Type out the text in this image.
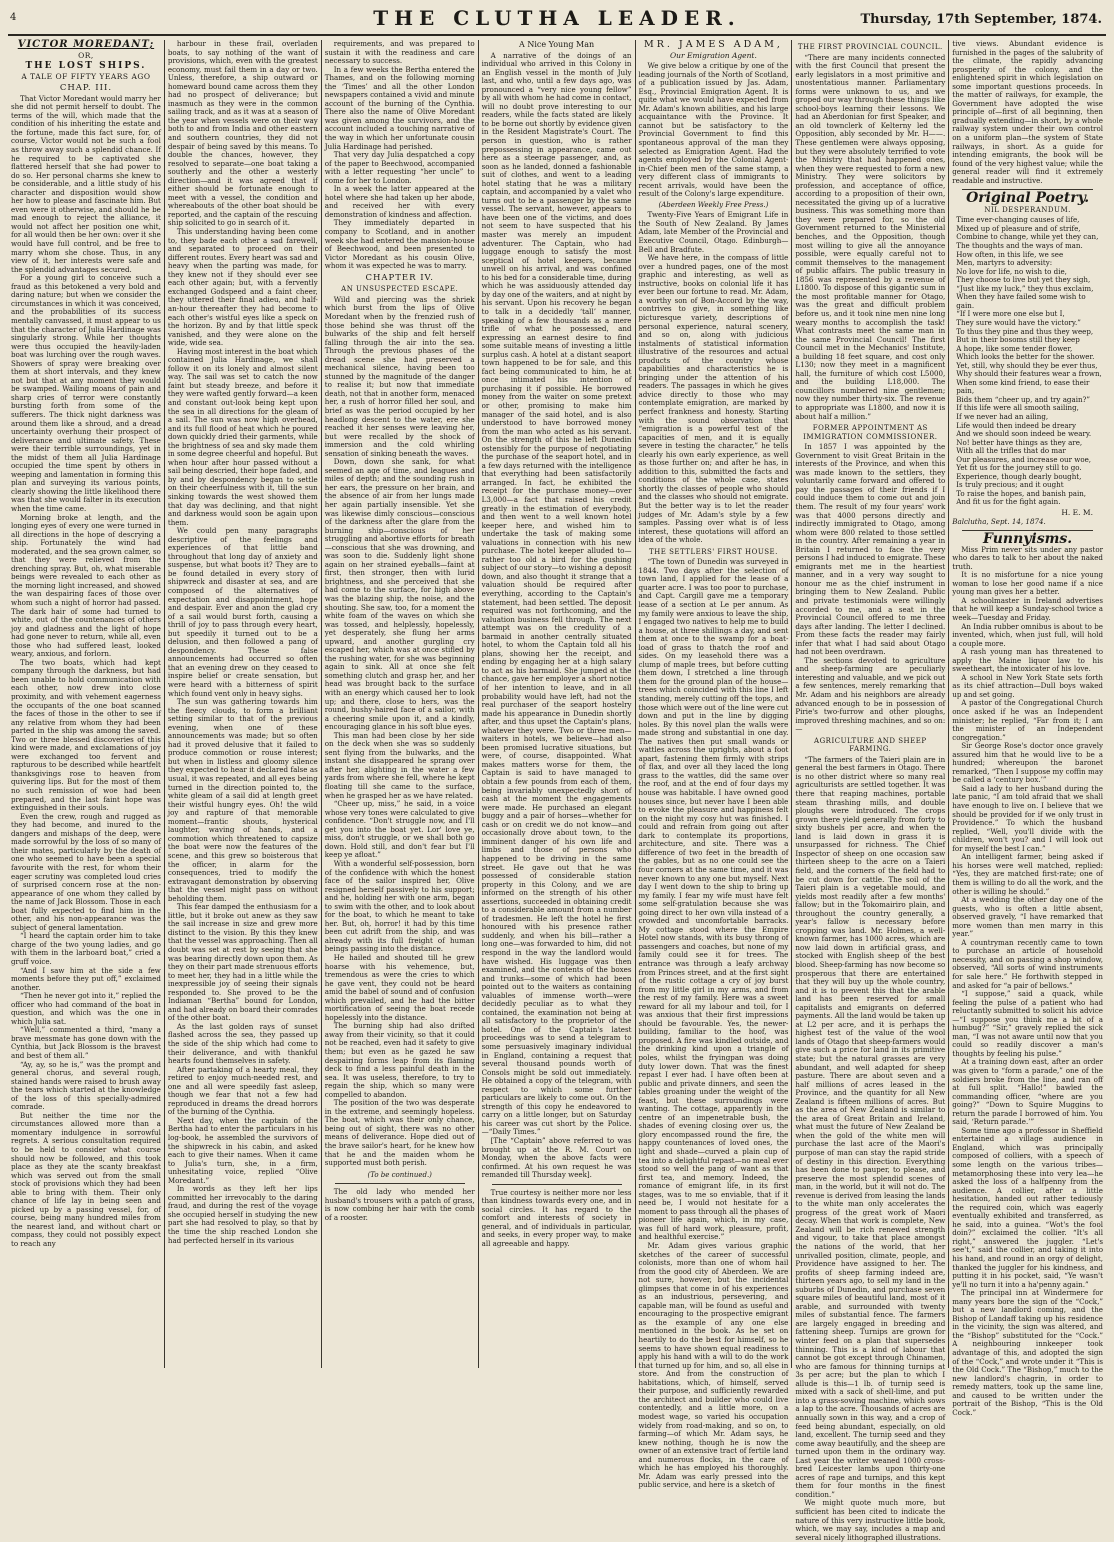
4	THE CLUTHA LEADER.	Thursday, 17th September, 1874.
VICTOR MOREDANT;
OR,
THE LOST SHIPS.
A TALE OF FIFTY YEARS AGO
CHAP. III.

That Victor Moredant would marry her she did not permit herself to doubt. The terms of the will, which made that the condition of his inheriting the estate and the fortune, made this fact sure, for, of course, Victor would not be such a fool as throw away such a splendid chance. If he required to be captivated she flattered herself that she had power to do so. Her personal charms she knew to be considerable, and a little study of his character and disposition would show her how to please and fascinate him. But even were it otherwise, and should he be mad enough to reject the alliance, it would not affect her position one whit, for all would then be her own: over it she would have full control, and be free to marry whom she chose. Thus, in any view of it, her interests were safe and the splendid advantages secured.

For a young girl to conceive such a fraud as this betokened a very bold and daring nature; but when we consider the circumstances in which it was conceived, and the probabilities of its success mentally canvassed, it must appear to us that the character of Julia Hardinage was singularly strong. While her thoughts were thus occupied the heavily-laden boat was lurching over the rough waves. Showers of spray were breaking over them at short intervals, and they knew not but that at any moment they would be swamped. Wailing moans of pain and sharp cries of terror were constantly bursting forth from some of the sufferers. The thick night darkness was around them like a shroud, and a dread uncertainty overhung their prospect of deliverance and ultimate safety. These were their terrible surroundings, yet in the midst of them all Julia Hardinage occupied the time spent by others in weeping and lamentation in forming this plan and surveying its various points, clearly showing the little likelihood there was that she would falter in its execution when the time came.

Morning broke at length, and the longing eyes of every one were turned in all directions in the hope of descrying a ship. Fortunately the wind had moderated, and the sea grown calmer, so that they were relieved from the drenching spray. But, oh, what miserable beings were revealed to each other as the morning light increased, and showed the wan despairing faces of those over whom such a night of horror had passed. The dark hair of some had turned to white, out of the countenances of others joy and gladness and the light of hope had gone never to return, while all, even those who had suffered least, looked weary, anxious, and forlorn.

The two boats, which had kept company through the darkness, but had been unable to hold communication with each other, now drew into close proximity, and with vehement eagerness the occupants of the one boat scanned the faces of those in the other to see if any relative from whom they had been parted in the ship was among the saved. Two or three blessed discoveries of this kind were made, and exclamations of joy were exchanged too fervent and rapturous to be described while heartfelt thanksgivings rose to heaven from quivering lips. But for the most of them no such remission of woe had been prepared, and the last faint hope was extinguished in their souls.

Even the crew, rough and rugged as they had become, and inured to the dangers and mishaps of the deep, were made sorrowful by the loss of so many of their mates, particularly by the death of one who seemed to have been a special favourite with the rest, for whom their eager scrutiny was completed loud cries of surprised concern rose at the non-appearance of one whom they called by the name of Jack Blossom. Those in each boat fully expected to find him in the other, and his non-appearance was the subject of general lamentation.

“I heard the captain order him to take charge of the two young ladies, and go with them in the larboard boat,” cried a gruff voice.

“And I saw him at the side a few moments before they put off,” exclaimed another.

“Then he never got into it,” replied the officer who had command of the boat in question, and which was the one in which Julia sat.

“Well,” commented a third, “many a brave messmate has gone down with the Cynthia, but Jack Blossom is the bravest and best of them all.”

“Ay, ay, so he is,” was the prompt and general chorus, and several rough, stained hands were raised to brush away the tears which started at the knowledge of the loss of this specially-admired comrade.

But neither the time nor the circumstances allowed more than a momentary indulgence in sorrowful regrets. A serious consultation required to be held to consider what course should now be followed, and this took place as they ate the scanty breakfast which was served out from the small stock of provisions which they had been able to bring with them. Their only chance of life lay in being seen and picked up by a passing vessel, for, of course, being many hundred miles from the nearest land, and without chart or compass, they could not possibly expect to reach any

harbour in these frail, overladen boats, to say nothing of the want of provisions, which, even with the greatest economy, must fail them in a day or two. Unless, therefore, a ship outward or homeward bound came across them they had no prospect of deliverance; but inasmuch as they were in the common sailing track, and as it was at a season of the year when vessels were on their way both to and from India and other eastern and southern countries, they did not despair of being saved by this means. To double the chances, however, they resolved to separate—one boat taking a southerly and the other a westerly direction—and it was agreed that if either should be fortunate enough to meet with a vessel, the condition and whereabouts of the other boat should be reported, and the captain of the rescuing ship solicited to go in search of it.

This understanding having been come to, they bade each other a sad farewell, and separated to proceed on their different routes. Every heart was sad and heavy when the parting was made, for they knew not if they should ever see each other again; but, with a fervently exchanged Godspeed and a faint cheer, they uttered their final adieu, and half-an-hour thereafter they had become to each other's wistful eyes like a speck on the horizon. By and by that little speck vanished, and they were alone on the wide, wide sea.

Having most interest in the boat which contained Julia Hardinage, we shall follow it on its lonely and almost silent way. The sail was set to catch the now faint but steady breeze, and before it they were wafted gently forward—a keen and constant out-look being kept upon the sea in all directions for the gleam of a sail. The sun was now high overhead, and its full flood of heat which he poured down quickly dried their garments, while the brightness of sea and sky made them in some degree cheerful and hopeful. But when hour after hour passed without a sail being descried, their hope faded, and by and by despondency began to settle on their cheerfulness with it, till the sun sinking towards the west showed them that day was declining, and that night and darkness would soon be again upon them.

We could pen many paragraphs descriptive of the feelings and experiences of that little band throughout that long day of anxiety and suspense, but what boots it? They are to be found detailed in every story of shipwreck and disaster at sea, and are composed of the alternatives of expectation and disappointment, hope and despair. Ever and anon the glad cry of a sail would burst forth, causing a thrill of joy to pass through every heart, but speedily it turned out to be a delusion, and then followed a pang of despondency. These false announcements had occurred so often that an evening drew on they ceased to inspire belief or create sensation, but were heard with a bitterness of spirit which found vent only in heavy sighs.

The sun was gathering towards him the fleecy clouds, to form a brilliant setting similar to that of the previous evening, when one of these announcements was made; but so often had it proved delusive that it failed to produce commotion or rouse interest; but when in listless and gloomy silence they expected to hear it declared false as usual, it was repeated, and all eyes being turned in the direction pointed to, the white gleam of a sail did at length greet their wistful hungry eyes. Oh! the wild joy and rapture of that memorable moment—frantic shouts, hysterical laughter, waving of hands, and a commotion which threatened to capsize the boat were now the features of the scene, and this grew so boisterous that the officer, in alarm for the consequences, tried to modify the extravagant demonstration by observing that the vessel might pass on without beholding them.

This fear damped the enthusiasm for a little, but it broke out anew as they saw the sail increase in size and grew more distinct to the vision. By this they knew that the vessel was approaching. Then all doubt was set at rest by seeing that she was bearing directly down upon them. As they on their part made strenuous efforts to meet her, they had in a little while the inexpressible joy of seeing their signals responded to. She proved to be the Indiaman “Bertha” bound for London, and had already on board their comrades of the other boat.

As the last golden rays of sunset flashed across the sea, they passed up the side of the ship which had come to their deliverance, and with thankful hearts found themselves in safety.

After partaking of a hearty meal, they retired to enjoy much-needed rest, and one and all were speedily fast asleep, though we fear that not a few had reproduced in dreams the dread horrors of the burning of the Cynthia.

Next day, when the captain of the Bertha had to enter the particulars in his log-book, he assembled the survivors of the shipwreck in his cabin, and asked each to give their names. When it came to Julia's turn, she, in a firm, unhesitating voice, replied “Olive Moredant.”

In words as they left her lips committed her irrevocably to the daring fraud, and during the rest of the voyage she occupied herself in studying the new part she had resolved to play, so that by the time the ship reached London she had perfected herself in its various

requirements, and was prepared to sustain it with the readiness and care necessary to success.

In a few weeks the Bertha entered the Thames, and on the following morning the ‘Times’ and all the other London newspapers contained a vivid and minute account of the burning of the Cynthia. There also the name of Olive Moredant was given among the survivors, and the account included a touching narrative of the way in which her unfortunate cousin Julia Hardinage had perished.

That very day Julia despatched a copy of the paper to Beechwood, accompanied with a letter requesting “her uncle” to come for her to London.

In a week the latter appeared at the hotel where she had taken up her abode, and received her with every demonstration of kindness and affection.

They immediately departed in company to Scotland, and in another week she had entered the mansion-house of Beechwood, and been presented to Victor Moredant as his cousin Olive, whom it was expected he was to marry.

CHAPTER IV.
AN UNSUSPECTED ESCAPE.

Wild and piercing was the shriek which burst from the lips of Olive Moredant when by the frenzied rush of those behind she was thrust off the bulwarks of the ship and felt herself falling through the air into the sea. Through the previous phases of the dread scene she had preserved a mechanical silence, having been too stunned by the magnitude of the danger to realise it; but now that immediate death, not that in another form, menaced her, a rush of horror filled her soul, and brief as was the period occupied by her headlong descent to the water, ere she reached it her senses were leaving her, but were recalled by the shock of immersion and the cold whirling sensation of sinking beneath the waves.

Down, down she sank, for what seemed an age of time, and leagues and miles of depth; and the sounding rush in her ears, the pressure on her brain, and the absence of air from her lungs made her again partially insensible. Yet she was likewise dimly conscious—conscious of the darkness after the glare from the burning ship—conscious of her struggling and abortive efforts for breath—conscious that she was drowning, and was soon to die. Suddenly light shone again on her strained eyeballs—faint at first, then stronger, then with lurid brightness, and she perceived that she had come to the surface, for high above was the blazing ship, the noise, and the shouting. She saw, too, for a moment the white foam of the waves on which she was tossed, and helplessly, hopelessly, yet desperately, she flung her arms upward, and another gurgling cry escaped her, which was at once stifled by the rushing water, for she was beginning again to sink. All at once she felt something clutch and grasp her, and her head was brought back to the surface with an energy which caused her to look up; and there, close to hers, was the round, bushy-haired face of a sailor, with a cheering smile upon it, and a kindly, encouraging glance in his soft blue eyes.

This man had been close by her side on the deck when she was so suddenly sent flying from the bulwarks, and the instant she disappeared he sprang over after her, alighting in the water a few yards from where she fell, where he kept floating till she came to the surface, when he grasped her as we have related.

“Cheer up, miss,” he said, in a voice whose very tones were calculated to give confidence. “Don't struggle now, and I'll get you into the boat yet. Lor' love ye, miss, don't struggle, or we shall both go down. Hold still, and don't fear but I'll keep ye afloat.”

With a wonderful self-possession, born of the confidence with which the honest face of the sailor inspired her, Olive resigned herself passively to his support; and he, holding her with one arm, began to swim with the other, and to look about for the boat, to which he meant to take her. But, oh, horror! it had by this time been cut adrift from the ship, and was already with its full freight of human beings passing into the distance.

He hailed and shouted till he grew hoarse with his vehemence, but, tremendous as were the cries to which he gave vent, they could not be heard amid the babel of sound and of confusion which prevailed, and he had the bitter mortification of seeing the boat recede hopelessly into the distance.

The burning ship had also drifted away from their vicinity, so that it could not be reached, even had it safety to give them; but even as he gazed he saw despairing forms leap from its flaming deck to find a less painful death in the sea. It was useless, therefore, to try to regain the ship, which so many were compelled to abandon.

The position of the two was desperate in the extreme, and seemingly hopeless. The boat, which was their only chance, being out of sight, there was no other means of deliverance. Hope died out of the brave sailor's heart, for he knew how that he and the maiden whom he supported must both perish.

(To be continued.)

The old lady who mended her husband's trousers with a patch of grass, is now combing her hair with the comb of a rooster.

A Nice Young Man

A narrative of the doings of an individual who arrived in this Colony in an English vessel in the month of July last, and who, until a few days ago, was pronounced a “very nice young fellow” by all with whom he had come in contact, will no doubt prove interesting to our readers, while the facts stated are likely to be borne out shortly by evidence given in the Resident Magistrate's Court. The person in question, who is rather prepossessing in appearance, came out here as a steerage passenger, and, as soon as he landed, donned a fashionable suit of clothes, and went to a leading hotel stating that he was a military captain, and accompanied by a valet who turns out to be a passenger by the same vessel. The servant, however, appears to have been one of the victims, and does not seem to have suspected that his master was merely an impudent adventurer. The Captain, who had luggage enough to satisfy the most sceptical of hotel keepers, became unwell on his arrival, and was confined to his bed for a considerable time, during which he was assiduously attended day by day one of the waiters, and at night by his servant. Upon his recovery he began to talk in a decidedly ‘tall’ manner, speaking of a few thousands as a mere trifle of what he possessed, and expressing an earnest desire to find some suitable means of investing a little surplus cash. A hotel at a distant seaport town happened to be for sale, and this fact being communicated to him, he at once intimated his intention of purchasing it if possible. He borrowed money from the waiter on some pretext or other, promising to make him manager of the said hotel, and is also understood to have borrowed money from the man who acted as his servant. On the strength of this he left Dunedin ostensibly for the purpose of negotiating the purchase of the seaport hotel, and in a few days returned with the intelligence that everything had been satisfactorily arranged. In fact, he exhibited the receipt for the purchase money—over L3,000—a fact that raised his credit greatly in the estimation of everybody, and then went to a well known hotel keeper here, and wished him to undertake the task of making some valuations in connection with his new purchase. The hotel keeper alluded to—rather too old a bird for the gushing subject of our story—to wishing a deposit down, and also thought it strange that a valuation should be required after everything, according to the Captain's statement, had been settled. The deposit required was not forthcoming, and the valuation business fell through. The next attempt was on the credulity of a barmaid in another centrally situated hotel, to whom the Captain told all his plans, showing her the receipt, and ending by engaging her at a high salary to act as his barmaid. She jumped at the chance, gave her employer a short notice of her intention to leave, and in all probability would have left, had not the real purchaser of the seaport hostelry made his appearance in Dunedin shortly after, and thus upset the Captain's plans, whatever they were. Two or three men—waiters in hotels, we believe—had also been promised lucrative situations, but were, of course, disappointed. What makes matters worse for them, the Captain is said to have managed to obtain a few pounds from each of them, being invariably unexpectedly short of cash at the moment the engagements were made. He purchased an elegant buggy and a pair of horses—whether for cash or on credit we do not know—and occasionally drove about town, to the imminent danger of his own life and limbs and those of persons who happened to be driving in the same street. He gave out that he was possessed of considerable station property in this Colony, and we are informed on the strength of his other assertions, succeeded in obtaining credit to a considerable amount from a number of tradesmen. He left the hotel he first honoured with his presence rather suddenly, and when his bill—rather a long one—was forwarded to him, did not respond in the way the landlord would have wished. His luggage was then examined, and the contents of the boxes and trunks—some of which had been pointed out to the waiters as containing valuables of immense worth—were decidedly peculiar as to what they contained, the examination not being at all satisfactory to the proprietor of the hotel. One of the Captain's latest proceedings was to send a telegram to some persuasively imaginary individual in England, containing a request that several thousand pounds worth of Consols might be sold out immediately. He obtained a copy of the telegram, with respect to which some further particulars are likely to come out. On the strength of this copy he endeavored to carry on a little longer, but on Saturday his career was cut short by the Police.—“Daily Times.”

[The “Captain” above referred to was brought up at the R. M. Court on Monday, when the above facts were confirmed. At his own request he was remanded till Thursday week].

True courtesy is neither more nor less than kindness towards every one, and in social circles. It has regard to the comfort and interests of society in general, and of individuals in particular, and seeks, in every proper way, to make all agreeable and happy.

MR. JAMES ADAM,
Our Emigration Agent.

We give below a critique by one of the leading journals of the North of Scotland, of a publication issued by Jas. Adam, Esq., Provincial Emigration Agent. It is quite what we would have expected from Mr. Adam's known abilities, and his large acquaintance with the Province. It cannot but be satisfactory to the Provincial Government to find this spontaneous approval of the man they selected as Emigration Agent. Had the agents employed by the Colonial Agent-in-Chief been men of the same stamp, a very different class of immigrants to recent arrivals, would have been the result of the Colony's large expenditure.

(Aberdeen Weekly Free Press.)

Twenty-Five Years of Emigrant Life in the South of New Zealand. By James Adam, late Member of the Provincial and Executive Council, Otago. Edinburgh—Bell and Bradfute.

We have here, in the compass of little over a hundred pages, one of the most graphic and interesting, as well as instructive, books on colonial life it has ever been our fortune to read. Mr. Adam, a worthy son of Bon-Accord by the way, contrives to give, in something like picturesque variety, descriptions of personal experience, natural scenery, and so on, along with judicious instalments of statistical information illustrative of the resources and actual products of the country whose capabilities and characteristics he is bringing under the attention of his readers. The passages in which he gives advice directly to those who may contemplate emigration, are marked by perfect frankness and honesty. Starting with the sound observation that “emigration is a powerful test of the capacities of men, and it is equally severe in testing the character,” he tells clearly his own early experience, as well as those further on; and after he has, in addition to this, submitted the facts and conditions of the whole case, states shortly the classes of people who should and the classes who should not emigrate. But the better way is to let the reader judges of Mr. Adam's style by a few samples. Passing over what is of less interest, these quotations will afford an idea of the whole.

THE SETTLERS' FIRST HOUSE.

“The town of Dunedin was surveyed in 1844. Two days after the selection of town land, I applied for the lease of a quarter acre. I was too poor to purchase, and Capt. Cargill gave me a temporary lease of a section at Le per annum. As my family were anxious to leave the ship, I engaged two natives to help me to build a house, at three shillings a day, and sent them at once to the swamp for a boat-load of grass to thatch the roof and sides. On my leasehold there was a clump of maple trees, but before cutting them down, I stretched a line through them for the ground plan of the house—trees which coincided with this line I left standing, merely cutting off the tops, and those which were out of the line were cut down and put in the line by digging holes. By this novel plan the walls were made strong and substantial in one day. The natives then put small wands or wattles across the uprights, about a foot apart, fastening them firmly with strips of flax, and over all they laced the long grass to the wattles, did the same over the roof, and at the end of four days my house was habitable. I have owned good houses since, but never have I been able to evoke the pleasure and happiness felt on the night my cosy hut was finished. I could and refrain from going out after dark to contemplate its proportions, architecture, and site. There was a difference of two feet in the breadth of the gables, but as no one could see the four corners at the same time, and it was never known to any one but myself. Next day I went down to the ship to bring up my family. I fear my wife must have felt some self-gratulation because she was going direct to her own villa instead of a crowded and uncomfortable barracks. My cottage stood where the Empire Hotel now stands, with its busy throng of passengers and coaches, but none of my family could see it for trees. The entrance was through a leafy archway from Princes street, and at the first sight of the rustic cottage a cry of joy burst from my little girl in my arms, and from the rest of my family. Here was a sweet reward for all my labour and toil, for I was anxious that their first impressions should be favourable. Yes, the newer-building, familiar to the hoof, was proposed. A fire was kindled outside, and the drinking kind upon a triangle of poles, whilst the fryingpan was doing duty lower down. That was the finest repast I ever had. I have often been at public and private dinners, and seen the tables groaning under the weight of the feast, but these surroundings were wanting. The cottage, apparently in the centre of an impenetrable bush, the shades of evening closing over us, the glory encompassed round the fire, the happy countenances of loved ones, the light and shade—curved a plain cup of tea into a delightful repast—no meal ever stood so well the pang of want as that first tea, and memory. Indeed, the romance of emigrant life, in its first stages, was to me so enviable, that if it need be, I would not hesitate for a moment to pass through all the phases of pioneer life again, which, in my case, was full of hard work, pleasure, profit, and healthful exercise.”

Mr. Adam gives various graphic sketches of the career of successful colonists, more than one of whom hail from the good city of Aberdeen. We are not sure, however, but the incidental glimpses that come in of his experiences as an industrious, persevering, and capable man, will be found as useful and encouraging to the prospective emigrant as the example of any one else mentioned in the book. As he set on heartily to do the best for himself, so he seems to have shown equal readiness to apply his hand with a will to do the work that turned up for him, and so, all else in store. And from the construction of habitations, which, of himself, served their purpose, and sufficiently rewarded the architect and builder who could live contentedly, and a little more, on a modest wage, so varied his occupation widely from road-making, and so on, to farming—of which Mr. Adam says, he knew nothing, though he is now the owner of an extensive tract of fertile land and numerous flocks, in the care of which he has employed his thoroughly. Mr. Adam was early pressed into the public service, and here is a sketch of

THE FIRST PROVINCIAL COUNCIL.

“There are many incidents connected with the first Council that present the early legislators in a most primitive and unostentatious manner. Parliamentary forms were unknown to us, and we groped our way through these things like school-boys learning their lessons. We had an Aberdonian for first Speaker, and an old townclerk of Kelterny led the Opposition, ably seconded by Mr. H——. These gentlemen were always opposing, but they were absolutely terrified to vote the Ministry that had happened ones, when they were requested to form a new Ministry. They were solicitors by profession, and acceptance of office, according to a proposition of their own, necessitated the giving up of a lucrative business. This was something more than they were prepared for, so the old Government returned to the Ministerial benches, and the Opposition, though most willing to give all the annoyance possible, were equally careful not to commit themselves to the management of public affairs. The public treasury in 1856 was represented by a revenue of L1800. To dispose of this gigantic sum in the most profitable manner for Otago, was the great and difficult problem before us, and it took nine men nine long weary months to accomplish the task! What contrasts meet the same man in the same Provincial Council! The first Council met in the Mechanics' Institute, a building 18 feet square, and cost only L130; now they meet in a magnificent hall, the furniture of which cost L5000, and the building L18,000. The councillors numbered nine gentlemen; now they number thirty-six. The revenue to appropriate was L1800, and now it is about half a million.”

FORMER APPOINTMENT AS IMMIGRATION COMMISSIONER.

In 1857 I was appointed by the Government to visit Great Britain in the interests of the Province, and when this was made known to the settlers, they voluntarily came forward and offered to pay the passages of their friends if I could induce them to come out and join them. The result of my four years' work was that 4000 persons directly and indirectly immigrated to Otago, among whom were 800 related to those settled in the country. After remaining a year in Britain I returned to face the very persons I had induced to emigrate. These emigrants met me in the heartiest manner, and in a very way sought to honour me as the chief instrument in bringing them to New Zealand. Public and private testimonials were willingly accorded to me, and a seat in the Provincial Council offered to me three days after landing. The letter I declined. From these facts the reader may fairly infer that what I had said about Otago had not been overdrawn.

The sections devoted to agriculture and sheep-farming are peculiarly interesting and valuable, and we pick out a few sentences, merely remarking that Mr. Adam and his neighbors are already advanced enough to be in possession of Pirie's two-furrow and other ploughs, improved threshing machines, and so on:—

AGRICULTURE AND SHEEP FARMING.

“The farmers of the Taieri plain are in general the best farmers in Otago. There is no other district where so many real agriculturists are settled together. It was there that reaping machines, portable steam thrashing mills, and double ploughs were introduced. The crops grown there yield generally from forty to sixty bushels per acre, and when the land is laid down in grass it is unsurpassed for richness. The Chief Inspector of sheep on one occasion saw thirteen sheep to the acre on a Taieri field, and the corners of the field had to be cut down for cattle. The soil of the Taieri plain is a vegetable mould, and yields most readily after a few months' fallow; but in the Tokomairiro plain, and throughout the country generally, a year's fallow is necessary before cropping was land. Mr. Holmes, a well-known farmer, has 1000 acres, which are now laid down in artificial grass, and stocked with English sheep of the best blood. Sheep-farming has now become so prosperous that there are entertained that they will buy up the whole country, and it is to prevent this that the arable land has been reserved for small capitalists and emigrants on deferred payments. All the land would be taken up at L2 per acre, and it is perhaps the highest test of the value of the wool lands of Otago that sheep-farmers would give such a price for land in its primitive state; but the natural grasses are very abundant, and well adapted for sheep pasture. There are about seven and a half millions of acres leased in the Province, and the quantity for all New Zealand is fifteen millions of acres. But as the area of New Zealand is similar to the area of Great Britain and Ireland, what must the future of New Zealand be when the gold of the white men will purchase the last acre of the Maori's purpose of man can stay the rapid stride of destiny in this direction. Everything has been done to pauper, to please, and preserve the most splendid scenes of man, in the world, but it will not do. The revenue is derived from leasing the lands to the white man only accelerates the progress of the great work of Maori decay. When that work is complete, New Zealand will be rich renewed strength and vigour, to take that place amongst the nations of the world, that her unrivalled position, climate, people, and Providence have assigned to her. The profits of sheep farming indeed are, thirteen years ago, to sell my land in the suburbs of Dunedin, and purchase seven square miles of beautiful land, most of it arable, and surrounded with twenty miles of substantial fence. The farmers are largely engaged in breeding and fattening sheep. Turnips are grown for winter feed on a plan that supersedes thinning. This is a kind of labour that cannot be got except through Chinamen, who are famous for thinning turnips at 3s per acre; but the plan to which I allude is this—1 lb. of turnip seed is mixed with a sack of shell-lime, and put into a grass-sowing machine, which sows a lap to the acre. Thousands of acres are annually sown in this way, and a crop of feed being abundant, especially, on old land, excellent. The turnip seed and they come away beautifully, and the sheep are turned upon them in the ordinary way. Last year the writer weaned 1000 cross-bred Leicester lambs upon thirty-one acres of rape and turnips, and this kept them for four months in the finest condition.”

We might quote much more, but sufficient has been cited to indicate the nature of this very instructive little book, which, we may say, includes a map and several nicely lithographed illustrations.

tive views. Abundant evidence is furnished in the pages of the salubrity of the climate, the rapidly advancing prosperity of the colony, and the enlightened spirit in which legislation on some important questions proceeds. In the matter of railways, for example, the Government have adopted the wise principle of—first of all beginning, then gradually extending—in short, by a whole railway system under their own control on a uniform plan—the system of State railways, in short. As a guide for intending emigrants, the book will be found of the very highest value; while the general reader will find it extremely readable and instructive.

Original Poetry.
NIL DESPERANDUM.
Time ever-changing causes of life,
Mixed up of pleasure and of strife,
Combine to change, while yet they can,
The thoughts and the ways of man.
How often, in this life, we see
Men, martyrs to adversity:
No love for life, no wish to die,
They choose to live but yet they sigh,
“Just like my luck,” they thus exclaim,
When they have failed some wish to gain.
“If I were more one else but I,
They sure would have the victory.”
To thus they pine and thus they weep,
But in their bosoms still they keep
A hope, like some tender flower,
Which looks the better for the shower.
Yet, still, why should they be ever thus,
Why should their features wear a frown,
When some kind friend, to ease their pain,
Bids them “cheer up, and try again?”
If this life were all smooth sailing,
If we never had an ailing,
Life would then indeed be dreary
And we should soon indeed be weary.
No! better have things as they are,
With all the trifles that do mar
Our pleasures, and increase our woe,
Yet fit us for the journey still to go.
Experience, though dearly bought,
Is truly precious; and it ought
To raise the hopes, and banish pain,
And fit us for the fight again.
H. E. M.
Balclutha, Sept. 14, 1874.
Funnyisms.

Miss Prim never sits under any pastor who dares to talk to her about the naked truth.

It is no misfortune for a nice young woman to lose her good name if a nice young man gives her a better.

A schoolmaster in Ireland advertises that he will keep a Sunday-school twice a week—Tuesday and Friday.

An India rubber omnibus is about to be invented, which, when just full, will hold a couple more.

A rash young man has threatened to apply the Maine liquor law to his sweetheart, the intoxicater of his love.

A school in New York State sets forth as its chief attraction—Dull boys waked up and set going.

A pastor of the Congregational Church once asked if he was an Independent minister; he replied, “Far from it; I am the minister of an Independent congregation.”

Sir George Rose's doctor once gravely assured him that he would live to be a hundred; whereupon the baronet remarked, “Then I suppose my coffin may be called a ‘century box.’”

Said a lady to her husband during the late panic, “I am told afraid that we shall have enough to live on. I believe that we should be provided for if we only trust in Providence.” To which the husband replied, “Well, you'll divide with the children, won't you? and I will look out for myself the best I can.”

An intelligent farmer, being asked if his horses were well matched, replied: “Yes, they are matched first-rate; one of them is willing to do all the work, and the other is willing he should.”

At a wedding the other day one of the guests, who is often a little absent, observed gravely, “I have remarked that more women than men marry in this year.”

A countryman recently came to town to purchase an article of household necessity, and on passing a shop window, observed, “All sorts of wind instruments for sale here.” He forthwith stepped in and asked for “a pair of bellows.”

“I suppose,” said a quack, while feeling the pulse of a patient who had reluctantly submitted to solicit his advice—“I suppose you think me a bit of a humbug?” “Sir,” gravely replied the sick man, “I was not aware until now that you could so readily discover a man's thoughts by feeling his pulse.”

At a training down east, after an order was given to “form a parade,” one of the soldiers broke from the line, and ran off at full split. “Hallo!” bawled the commanding officer, “where are you going?” “Down to Squire Muggins to return the parade I borrowed of him. You said, ‘Return parade.’”

Some time ago a professor in Sheffield entertained a village audience in England, which was principally composed of colliers, with a speech of some length on the various tribes—metamorphosing these into very lea—he asked the loss of a halfpenny from the audience. A collier, after a little hesitation, handed out rather tediously the required coin, which was eagerly eventually exhibited and transferred, as he said, into a guinea. “Wot's the fool doin?” exclaimed the collier. “It's all right,” answered the juggler. “Let's see't,” said the collier, and taking it into his hand, and round in an orgy of delight, thanked the juggler for his kindness, and putting it in his pocket, said, “Ye wasn't ye'll no turn it into a ha'penny again.”

The principal inn at Windermere for many years bore the sign of the “Cock,” but a new landlord coming, and the Bishop of Landaff taking up his residence in the vicinity, the sign was altered, and the “Bishop” substituted for the “Cock.” A neighbouring innkeeper took advantage of this, and adopted the sign of the “Cock,” and wrote under it “This is the Old Cock.” The “Bishop,” much to the new landlord's chagrin, in order to remedy matters, took up the same line, and caused to be written under the portrait of the Bishop, “This is the Old Cock.”
